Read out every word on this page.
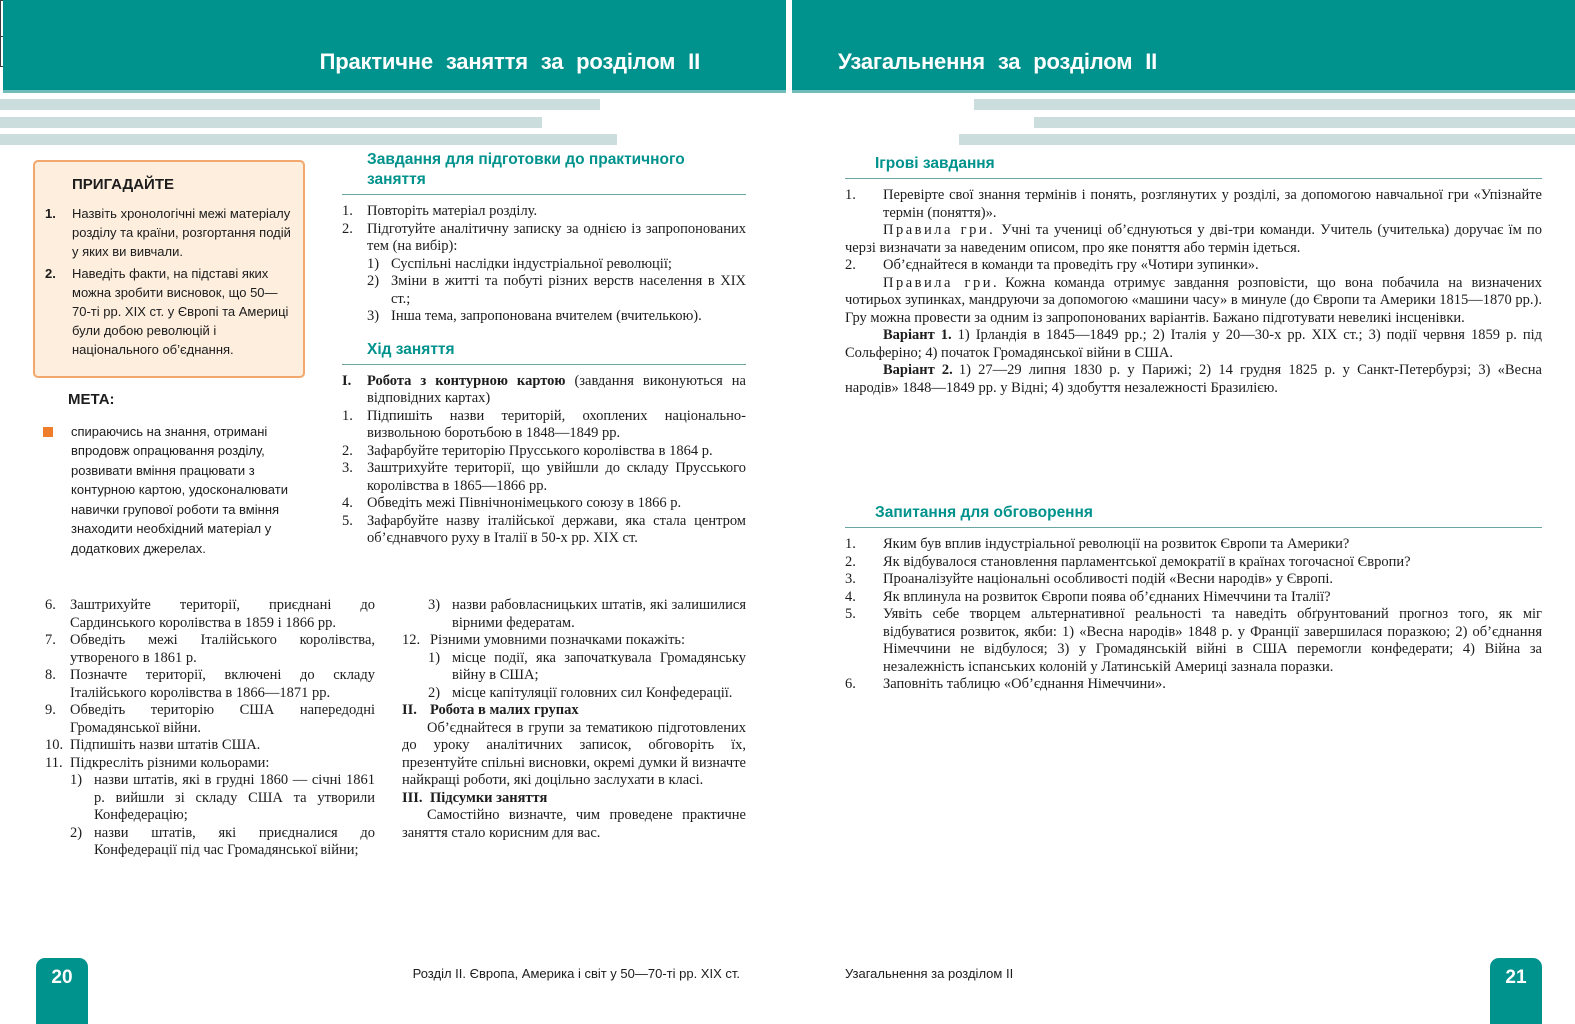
Практичне заняття за розділом II	Узагальнення за розділом II
ПРИГАДАЙТЕ
1.	Назвіть хронологічні межі матеріалу розділу та країни, розгортання подій у яких ви вивчали.
2.	Наведіть факти, на підставі яких можна зробити висновок, що 50—70-ті рр. XIX ст. у Європі та Америці були добою революцій і національного об’єднання.
МЕТА:
спираючись на знання, отримані впродовж опрацювання розділу, розвивати вміння працювати з контурною картою, удосконалювати навички групової роботи та вміння знаходити необхідний матеріал у додаткових джерелах.
Завдання для підготовки до практичного заняття
1. Повторіть матеріал розділу.
2. Підготуйте аналітичну записку за однією із запропонованих тем (на вибір):
1) Суспільні наслідки індустріальної революції;
2) Зміни в житті та побуті різних верств населення в XIX ст.;
3) Інша тема, запропонована вчителем (вчителькою).
Хід заняття
I.	Робота з контурною картою (завдання виконуються на відповідних картах)
1. Підпишіть назви територій, охоплених національно-визвольною боротьбою в 1848—1849 рр.
2. Зафарбуйте територію Прусського королівства в 1864 р.
3. Заштрихуйте території, що увійшли до складу Прусського королівства в 1865—1866 рр.
4. Обведіть межі Північнонімецького союзу в 1866 р.
5. Зафарбуйте назву італійської держави, яка стала центром об’єднавчого руху в Італії в 50-х рр. XIX ст.
6. Заштрихуйте території, приєднані до Сардинського королівства в 1859 і 1866 рр.
7. Обведіть межі Італійського королівства, утвореного в 1861 р.
8. Позначте території, включені до складу Італійського королівства в 1866—1871 рр.
9. Обведіть територію США напередодні Громадянської війни.
10. Підпишіть назви штатів США.
11. Підкресліть різними кольорами:
1) назви штатів, які в грудні 1860 — січні 1861 р. вийшли зі складу США та утворили Конфедерацію;
2) назви штатів, які приєдналися до Конфедерації під час Громадянської війни;
3) назви рабовласницьких штатів, які залишилися вірними федератам.
12. Різними умовними позначками покажіть:
1) місце події, яка започаткувала Громадянську війну в США;
2) місце капітуляції головних сил Конфедерації.
II. Робота в малих групах

Об’єднайтеся в групи за тематикою підготовлених до уроку аналітичних записок, обговоріть їх, презентуйте спільні висновки, окремі думки й визначте найкращі роботи, які доцільно заслухати в класі.

III. Підсумки заняття

Самостійно визначте, чим проведене практичне заняття стало корисним для вас.

Ігрові завдання
1.	Перевірте свої знання термінів і понять, розглянутих у розділі, за допомогою навчальної гри «Упізнайте термін (поняття)».

Правила гри. Учні та учениці об’єднуються у дві-три команди. Учитель (учителька) доручає їм по черзі визначати за наведеним описом, про яке поняття або термін ідеться.

2.	Об’єднайтеся в команди та проведіть гру «Чотири зупинки».

Правила гри. Кожна команда отримує завдання розповісти, що вона побачила на визначених чотирьох зупинках, мандруючи за допомогою «машини часу» в минуле (до Європи та Америки 1815—1870 рр.). Гру можна провести за одним із запропонованих варіантів. Бажано підготувати невеликі інсценівки.

Варіант 1. 1) Ірландія в 1845—1849 рр.; 2) Італія у 20—30-х рр. XIX ст.; 3) події червня 1859 р. під Сольферіно; 4) початок Громадянської війни в США.

Варіант 2. 1) 27—29 липня 1830 р. у Парижі; 2) 14 грудня 1825 р. у Санкт-Петербурзі; 3) «Весна народів» 1848—1849 рр. у Відні; 4) здобуття незалежності Бразилією.

Запитання для обговорення
1.	Яким був вплив індустріальної революції на розвиток Європи та Америки?
2.	Як відбувалося становлення парламентської демократії в країнах тогочасної Європи?
3.	Проаналізуйте національні особливості подій «Весни народів» у Європі.
4.	Як вплинула на розвиток Європи поява об’єднаних Німеччини та Італії?
5.	Уявіть себе творцем альтернативної реальності та наведіть обґрунтований прогноз того, як міг відбуватися розвиток, якби: 1) «Весна народів» 1848 р. у Франції завершилася поразкою; 2) об’єднання Німеччини не відбулося; 3) у Громадянській війні в США перемогли конфедерати; 4) Війна за незалежність іспанських колоній у Латинській Америці зазнала поразки.
6.	Заповніть таблицю «Об’єднання Німеччини».

Розділ II. Європа, Америка і світ у 50—70-ті рр. XIX ст.	Узагальнення за розділом II
20	21
